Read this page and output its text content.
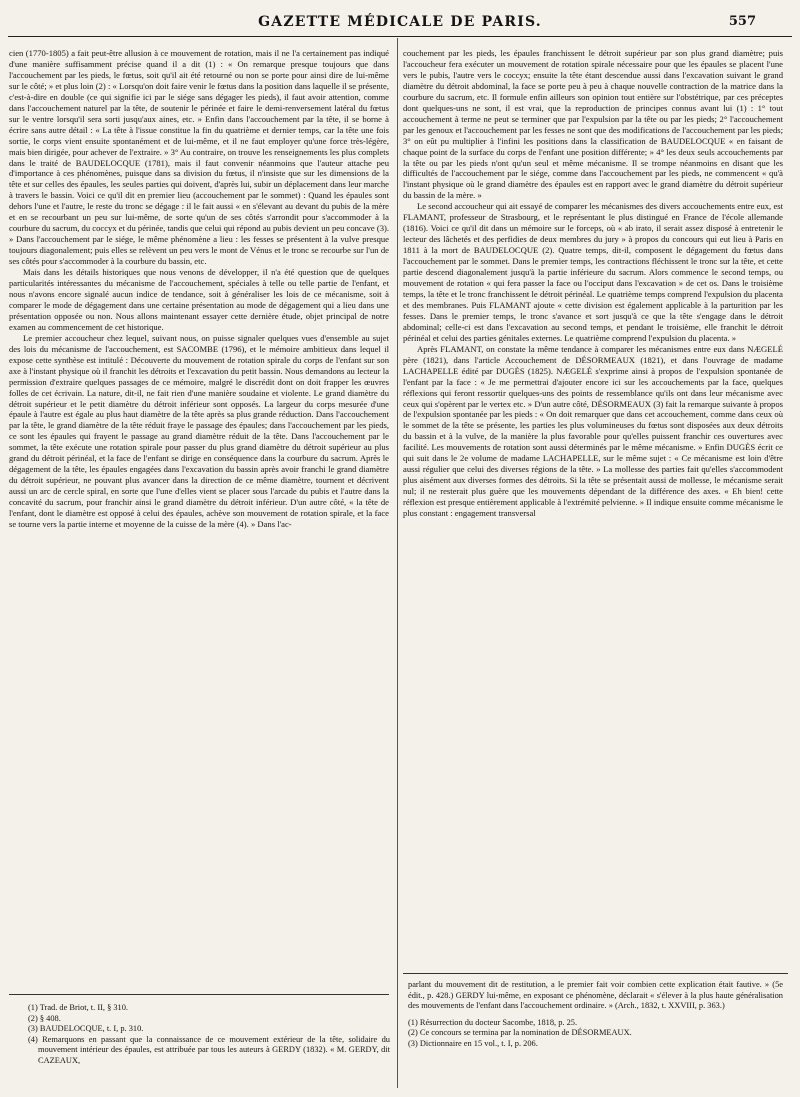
GAZETTE MÉDICALE DE PARIS.	557

cien (1770-1805) a fait peut-être allusion à ce mouvement de rotation, mais il ne l'a certainement pas indiqué d'une manière suffisamment précise quand il a dit (1) : « On remarque presque toujours que dans l'accouchement par les pieds, le fœtus, soit qu'il ait été retourné ou non se porte pour ainsi dire de lui-même sur le côté; » et plus loin (2) : « Lorsqu'on doit faire venir le fœtus dans la position dans laquelle il se présente, c'est-à-dire en double (ce qui signifie ici par le siége sans dégager les pieds), il faut avoir attention, comme dans l'accouchement naturel par la tête, de soutenir le périnée et faire le demi-renversement latéral du fœtus sur le ventre lorsqu'il sera sorti jusqu'aux aines, etc. » Enfin dans l'accouchement par la tête, il se borne à écrire sans autre détail : « La tête à l'issue constitue la fin du quatrième et dernier temps, car la tête une fois sortie, le corps vient ensuite spontanément et de lui-même, et il ne faut employer qu'une force très-légère, mais bien dirigée, pour achever de l'extraire. » 3° Au contraire, on trouve les renseignements les plus complets dans le traité de BAUDELOCQUE (1781), mais il faut convenir néanmoins que l'auteur attache peu d'importance à ces phénomènes, puisque dans sa division du fœtus, il n'insiste que sur les dimensions de la tête et sur celles des épaules, les seules parties qui doivent, d'après lui, subir un déplacement dans leur marche à travers le bassin. Voici ce qu'il dit en premier lieu (accouchement par le sommet) : Quand les épaules sont dehors l'une et l'autre, le reste du tronc se dégage : il le fait aussi « en s'élevant au devant du pubis de la mère et en se recourbant un peu sur lui-même, de sorte qu'un de ses côtés s'arrondit pour s'accommoder à la courbure du sacrum, du coccyx et du périnée, tandis que celui qui répond au pubis devient un peu concave (3). » Dans l'accouchement par le siége, le même phénomène a lieu : les fesses se présentent à la vulve presque toujours diagonalement; puis elles se relèvent un peu vers le mont de Vénus et le tronc se recourbe sur l'un de ses côtés pour s'accommoder à la courbure du bassin, etc.

Mais dans les détails historiques que nous venons de développer, il n'a été question que de quelques particularités intéressantes du mécanisme de l'accouchement, spéciales à telle ou telle partie de l'enfant, et nous n'avons encore signalé aucun indice de tendance, soit à généraliser les lois de ce mécanisme, soit à comparer le mode de dégagement dans une certaine présentation au mode de dégagement qui a lieu dans une présentation opposée ou non. Nous allons maintenant essayer cette dernière étude, objet principal de notre examen au commencement de cet historique.

Le premier accoucheur chez lequel, suivant nous, on puisse signaler quelques vues d'ensemble au sujet des lois du mécanisme de l'accouchement, est SACOMBE (1796), et le mémoire ambitieux dans lequel il expose cette synthèse est intitulé : Découverte du mouvement de rotation spirale du corps de l'enfant sur son axe à l'instant physique où il franchit les détroits et l'excavation du petit bassin. Nous demandons au lecteur la permission d'extraire quelques passages de ce mémoire, malgré le discrédit dont on doit frapper les œuvres folles de cet écrivain. La nature, dit-il, ne fait rien d'une manière soudaine et violente. Le grand diamètre du détroit supérieur et le petit diamètre du détroit inférieur sont opposés. La largeur du corps mesurée d'une épaule à l'autre est égale au plus haut diamètre de la tête après sa plus grande réduction. Dans l'accouchement par la tête, le grand diamètre de la tête réduit fraye le passage des épaules; dans l'accouchement par les pieds, ce sont les épaules qui frayent le passage au grand diamètre réduit de la tête. Dans l'accouchement par le sommet, la tête exécute une rotation spirale pour passer du plus grand diamètre du détroit supérieur au plus grand du détroit périnéal, et la face de l'enfant se dirige en conséquence dans la courbure du sacrum. Après le dégagement de la tête, les épaules engagées dans l'excavation du bassin après avoir franchi le grand diamètre du détroit supérieur, ne pouvant plus avancer dans la direction de ce même diamètre, tournent et décrivent aussi un arc de cercle spiral, en sorte que l'une d'elles vient se placer sous l'arcade du pubis et l'autre dans la concavité du sacrum, pour franchir ainsi le grand diamètre du détroit inférieur. D'un autre côté, « la tête de l'enfant, dont le diamètre est opposé à celui des épaules, achève son mouvement de rotation spirale, et la face se tourne vers la partie interne et moyenne de la cuisse de la mère (4). » Dans l'ac-

couchement par les pieds, les épaules franchissent le détroit supérieur par son plus grand diamètre; puis l'accoucheur fera exécuter un mouvement de rotation spirale nécessaire pour que les épaules se placent l'une vers le pubis, l'autre vers le coccyx; ensuite la tête étant descendue aussi dans l'excavation suivant le grand diamètre du détroit abdominal, la face se porte peu à peu à chaque nouvelle contraction de la matrice dans la courbure du sacrum, etc. Il formule enfin ailleurs son opinion tout entière sur l'obstétrique, par ces préceptes dont quelques-uns ne sont, il est vrai, que la reproduction de principes connus avant lui (1) : 1° tout accouchement à terme ne peut se terminer que par l'expulsion par la tête ou par les pieds; 2° l'accouchement par les genoux et l'accouchement par les fesses ne sont que des modifications de l'accouchement par les pieds; 3° on eût pu multiplier à l'infini les positions dans la classification de BAUDELOCQUE « en faisant de chaque point de la surface du corps de l'enfant une position différente; » 4° les deux seuls accouchements par la tête ou par les pieds n'ont qu'un seul et même mécanisme. Il se trompe néanmoins en disant que les difficultés de l'accouchement par le siége, comme dans l'accouchement par les pieds, ne commencent « qu'à l'instant physique où le grand diamètre des épaules est en rapport avec le grand diamètre du détroit supérieur du bassin de la mère. »

Le second accoucheur qui ait essayé de comparer les mécanismes des divers accouchements entre eux, est FLAMANT, professeur de Strasbourg, et le représentant le plus distingué en France de l'école allemande (1816). Voici ce qu'il dit dans un mémoire sur le forceps, où « ab irato, il serait assez disposé à entretenir le lecteur des lâchetés et des perfidies de deux membres du jury » à propos du concours qui eut lieu à Paris en 1811 à la mort de BAUDELOCQUE (2). Quatre temps, dit-il, composent le dégagement du fœtus dans l'accouchement par le sommet. Dans le premier temps, les contractions fléchissent le tronc sur la tête, et cette partie descend diagonalement jusqu'à la partie inférieure du sacrum. Alors commence le second temps, ou mouvement de rotation « qui fera passer la face ou l'occiput dans l'excavation » de cet os. Dans le troisième temps, la tête et le tronc franchissent le détroit périnéal. Le quatrième temps comprend l'expulsion du placenta et des membranes. Puis FLAMANT ajoute « cette division est également applicable à la parturition par les fesses. Dans le premier temps, le tronc s'avance et sort jusqu'à ce que la tête s'engage dans le détroit abdominal; celle-ci est dans l'excavation au second temps, et pendant le troisième, elle franchit le détroit périnéal et celui des parties génitales externes. Le quatrième comprend l'expulsion du placenta. »

Après FLAMANT, on constate la même tendance à comparer les mécanismes entre eux dans NÆGELÉ père (1821), dans l'article Accouchement de DÉSORMEAUX (1821), et dans l'ouvrage de madame LACHAPELLE édité par DUGÈS (1825). NÆGELÉ s'exprime ainsi à propos de l'expulsion spontanée de l'enfant par la face : « Je me permettrai d'ajouter encore ici sur les accouchements par la face, quelques réflexions qui feront ressortir quelques-uns des points de ressemblance qu'ils ont dans leur mécanisme avec ceux qui s'opèrent par le vertex etc. » D'un autre côté, DÉSORMEAUX (3) fait la remarque suivante à propos de l'expulsion spontanée par les pieds : « On doit remarquer que dans cet accouchement, comme dans ceux où le sommet de la tête se présente, les parties les plus volumineuses du fœtus sont disposées aux deux détroits du bassin et à la vulve, de la manière la plus favorable pour qu'elles puissent franchir ces ouvertures avec facilité. Les mouvements de rotation sont aussi déterminés par le même mécanisme. » Enfin DUGÈS écrit ce qui suit dans le 2e volume de madame LACHAPELLE, sur le même sujet : « Ce mécanisme est loin d'être aussi régulier que celui des diverses régions de la tête. » La mollesse des parties fait qu'elles s'accommodent plus aisément aux diverses formes des détroits. Si la tête se présentait aussi de mollesse, le mécanisme serait nul; il ne resterait plus guère que les mouvements dépendant de la différence des axes. « Eh bien! cette réflexion est presque entièrement applicable à l'extrémité pelvienne. » Il indique ensuite comme mécanisme le plus constant : engagement transversal

(1) Trad. de Briot, t. II, § 310.

(2) § 408.

(3) BAUDELOCQUE, t. I, p. 310.

(4) Remarquons en passant que la connaissance de ce mouvement extérieur de la tête, solidaire du mouvement intérieur des épaules, est attribuée par tous les auteurs à GERDY (1832). « M. GERDY, dit CAZEAUX,

parlant du mouvement dit de restitution, a le premier fait voir combien cette explication était fautive. » (5e édit., p. 428.) GERDY lui-même, en exposant ce phénomène, déclarait « s'élever à la plus haute généralisation des mouvements de l'enfant dans l'accouchement ordinaire. » (Arch., 1832, t. XXVIII, p. 363.)

(1) Résurrection du docteur Sacombe, 1818, p. 25.

(2) Ce concours se termina par la nomination de DÉSORMEAUX.

(3) Dictionnaire en 15 vol., t. I, p. 206.
